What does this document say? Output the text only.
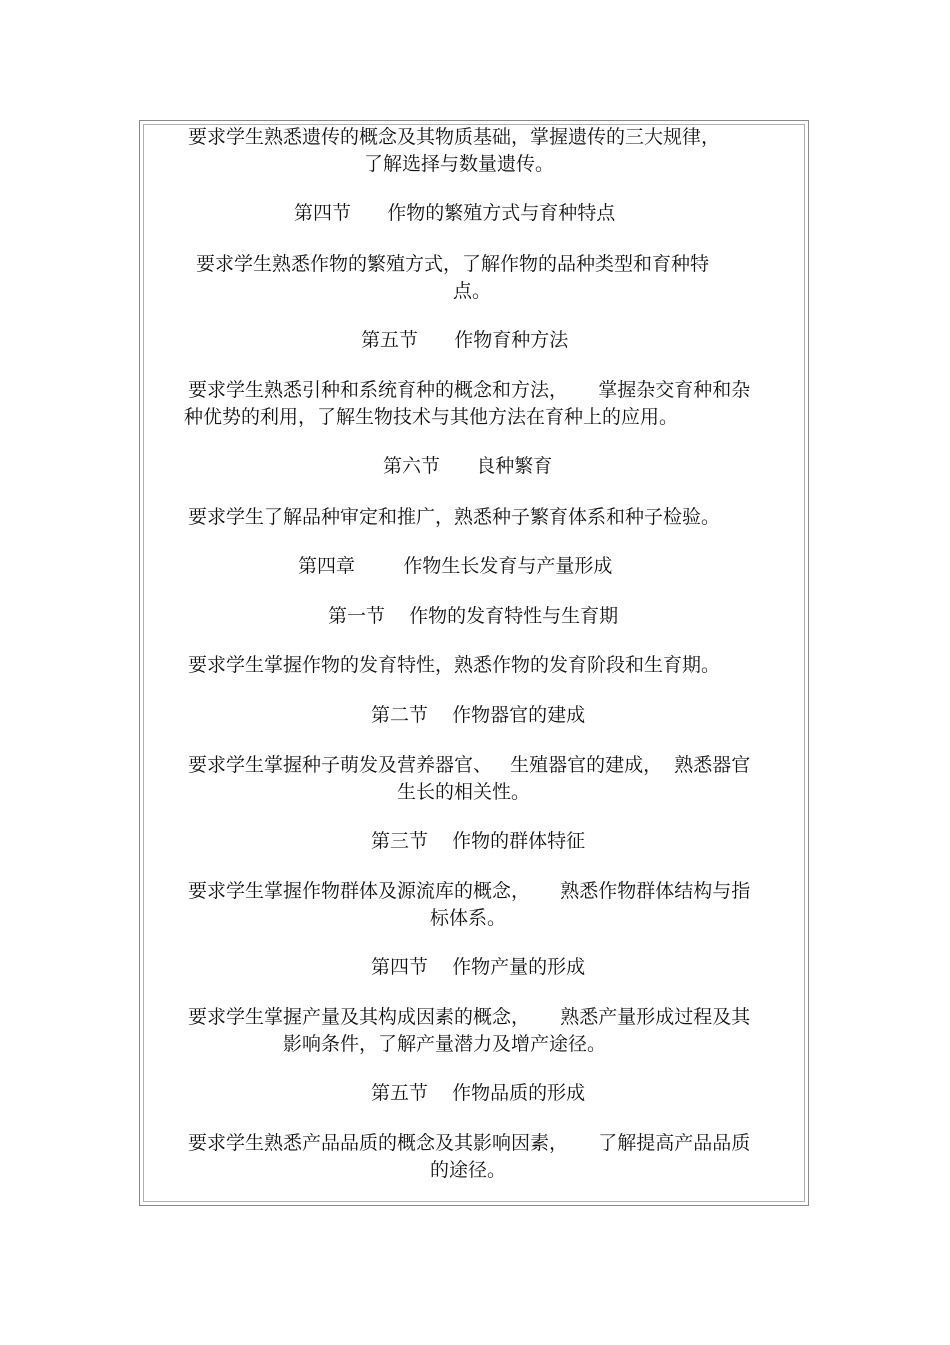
要求学生熟悉遗传的概念及其物质基础，掌握遗传的三大规律，
了解选择与数量遗传。
第四节      作物的繁殖方式与育种特点
要求学生熟悉作物的繁殖方式，了解作物的品种类型和育种特
点。
第五节      作物育种方法
要求学生熟悉引种和系统育种的概念和方法，     掌握杂交育种和杂
种优势的利用，了解生物技术与其他方法在育种上的应用。
第六节      良种繁育
要求学生了解品种审定和推广，熟悉种子繁育体系和种子检验。
第四章        作物生长发育与产量形成
第一节    作物的发育特性与生育期
要求学生掌握作物的发育特性，熟悉作物的发育阶段和生育期。
第二节    作物器官的建成
要求学生掌握种子萌发及营养器官、   生殖器官的建成，  熟悉器官
生长的相关性。
第三节    作物的群体特征
要求学生掌握作物群体及源流库的概念，     熟悉作物群体结构与指
标体系。
第四节    作物产量的形成
要求学生掌握产量及其构成因素的概念，     熟悉产量形成过程及其
影响条件，了解产量潜力及增产途径。
第五节    作物品质的形成
要求学生熟悉产品品质的概念及其影响因素，     了解提高产品品质
的途径。
